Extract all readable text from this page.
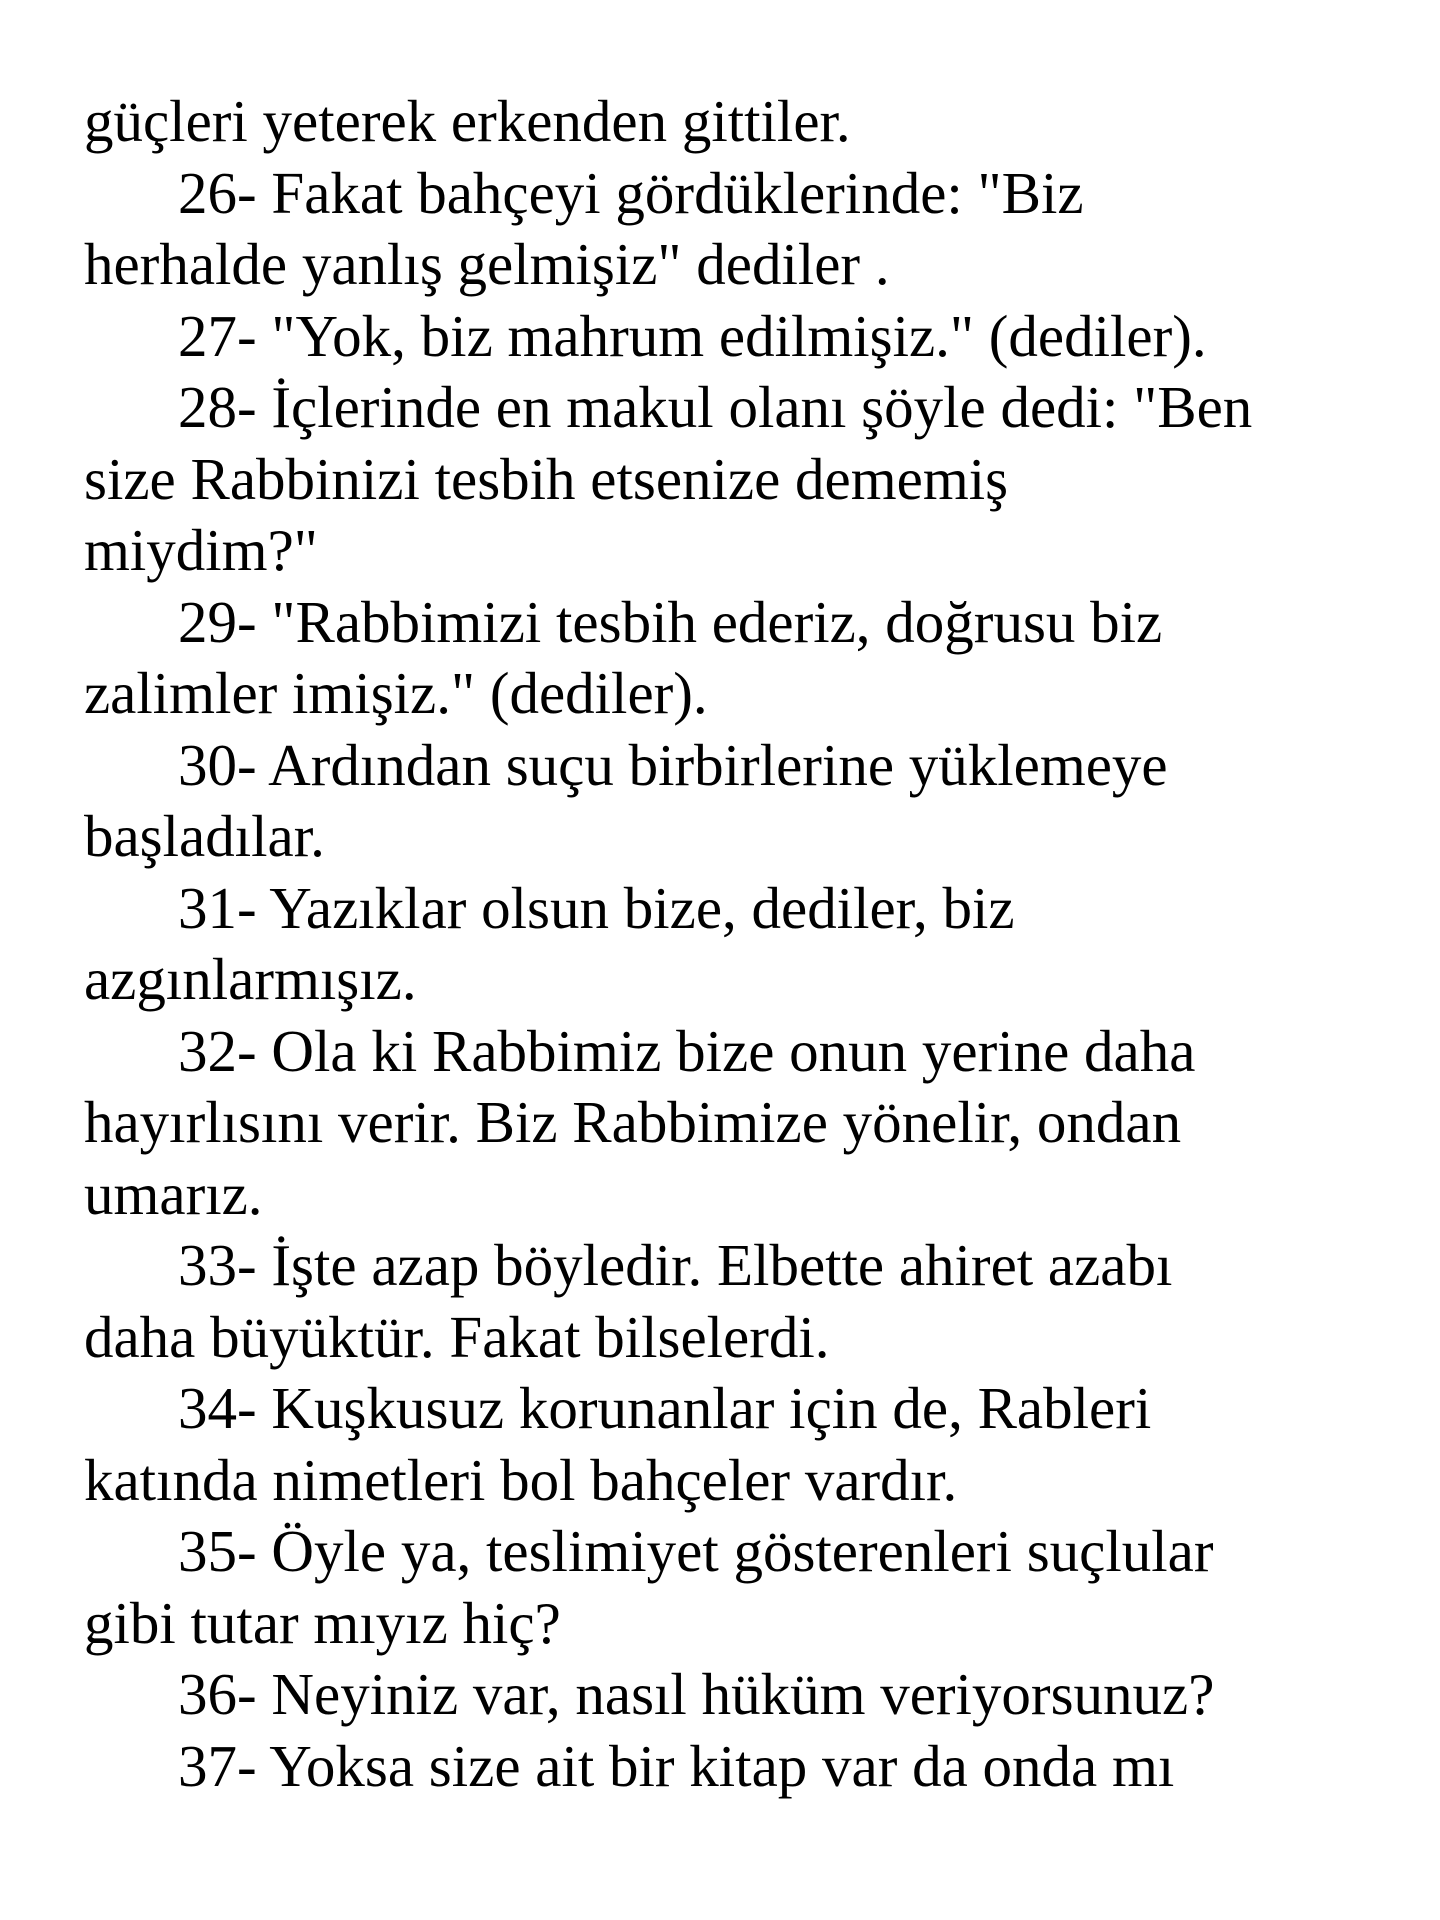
güçleri yeterek erkenden gittiler.
26- Fakat bahçeyi gördüklerinde: "Biz
herhalde yanlış gelmişiz" dediler .
27- "Yok, biz mahrum edilmişiz." (dediler).
28- İçlerinde en makul olanı şöyle dedi: "Ben
size Rabbinizi tesbih etsenize dememiş
miydim?"
29- "Rabbimizi tesbih ederiz, doğrusu biz
zalimler imişiz." (dediler).
30- Ardından suçu birbirlerine yüklemeye
başladılar.
31- Yazıklar olsun bize, dediler, biz
azgınlarmışız.
32- Ola ki Rabbimiz bize onun yerine daha
hayırlısını verir. Biz Rabbimize yönelir, ondan
umarız.
33- İşte azap böyledir. Elbette ahiret azabı
daha büyüktür. Fakat bilselerdi.
34- Kuşkusuz korunanlar için de, Rableri
katında nimetleri bol bahçeler vardır.
35- Öyle ya, teslimiyet gösterenleri suçlular
gibi tutar mıyız hiç?
36- Neyiniz var, nasıl hüküm veriyorsunuz?
37- Yoksa size ait bir kitap var da onda mı
